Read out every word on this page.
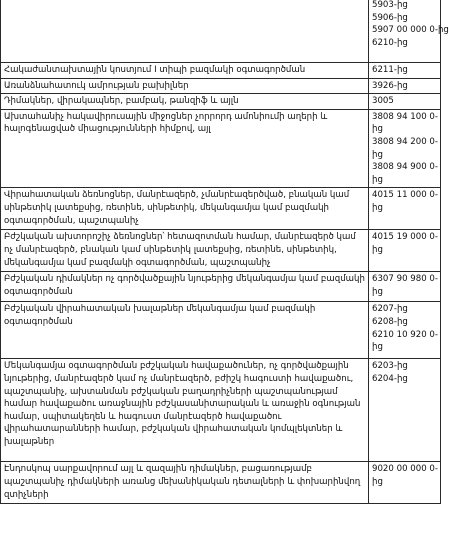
	5903-ից
5906-ից
5907 00 000 0-ից
6210-ից

Հակաժանտախտային կոստյում I տիպի բազմակի օգտագործման	6211-ից

Առանձնահատուկ ամրության բախիլներ	3926-ից

Դիմակներ, վիրակապներ, բամբակ, թանզիֆ և այլն	3005

Ախտահանիչ հակավիրուսային միջոցներ չորրորդ ամոնիումի աղերի և հալոգենացված միացությունների հիմքով, այլ	3808 94 100 0-ից
3808 94 200 0-ից
3808 94 900 0-ից

Վիրահատական ձեռնոցներ, մանրէազերծ, չմանրէազերծված, բնական կամ սինթետիկ լատեքսից, ռետինե, սինթետիկ, մեկանգամյա կամ բազմակի օգտագործման, պաշտպանիչ	4015 11 000 0-ից

Բժշկական ախտորոշիչ ձեռնոցներ՝ հետազոտման համար, մանրէազերծ կամ ոչ մանրէազերծ, բնական կամ սինթետիկ լատեքսից, ռետինե, սինթետիկ, մեկանգամյա կամ բազմակի օգտագործման, պաշտպանիչ	4015 19 000 0-ից

Բժշկական դիմակներ ոչ գործվածքային նյութերից մեկանգամյա կամ բազմակի օգտագործման	6307 90 980 0-ից

Բժշկական վիրահատական խալաթներ մեկանգամյա կամ բազմակի օգտագործման	6207-ից
6208-ից
6210 10 920 0-ից

Մեկանգամյա օգտագործման բժշկական հավաքածուներ, ոչ գործվածքային նյութերից, մանրէազերծ կամ ոչ մանրէազերծ, բժիշկ հագուստի հավաքածու, պաշտպանիչ, ախտանման բժշկական բաղադրիչների պաշտպանությամ համար հավաքածու առաջնային բժշկասանիտարական և առաջին օգնության համար, սպիտակեղեն և հագուստ մանրէազերծ հավաքածու վիրահատարանների համար, բժշկական վիրահատական կոմպլեկտներ և խալաթներ	6203-ից
6204-ից

Էնդոսկոպ սարքավորում այլ և զազային դիմակներ, բացառությամբ պաշտպանիչ դիմակների առանց մեխանիկական դետալների և փոխարինվող զտիչների	9020 00 000 0-ից
